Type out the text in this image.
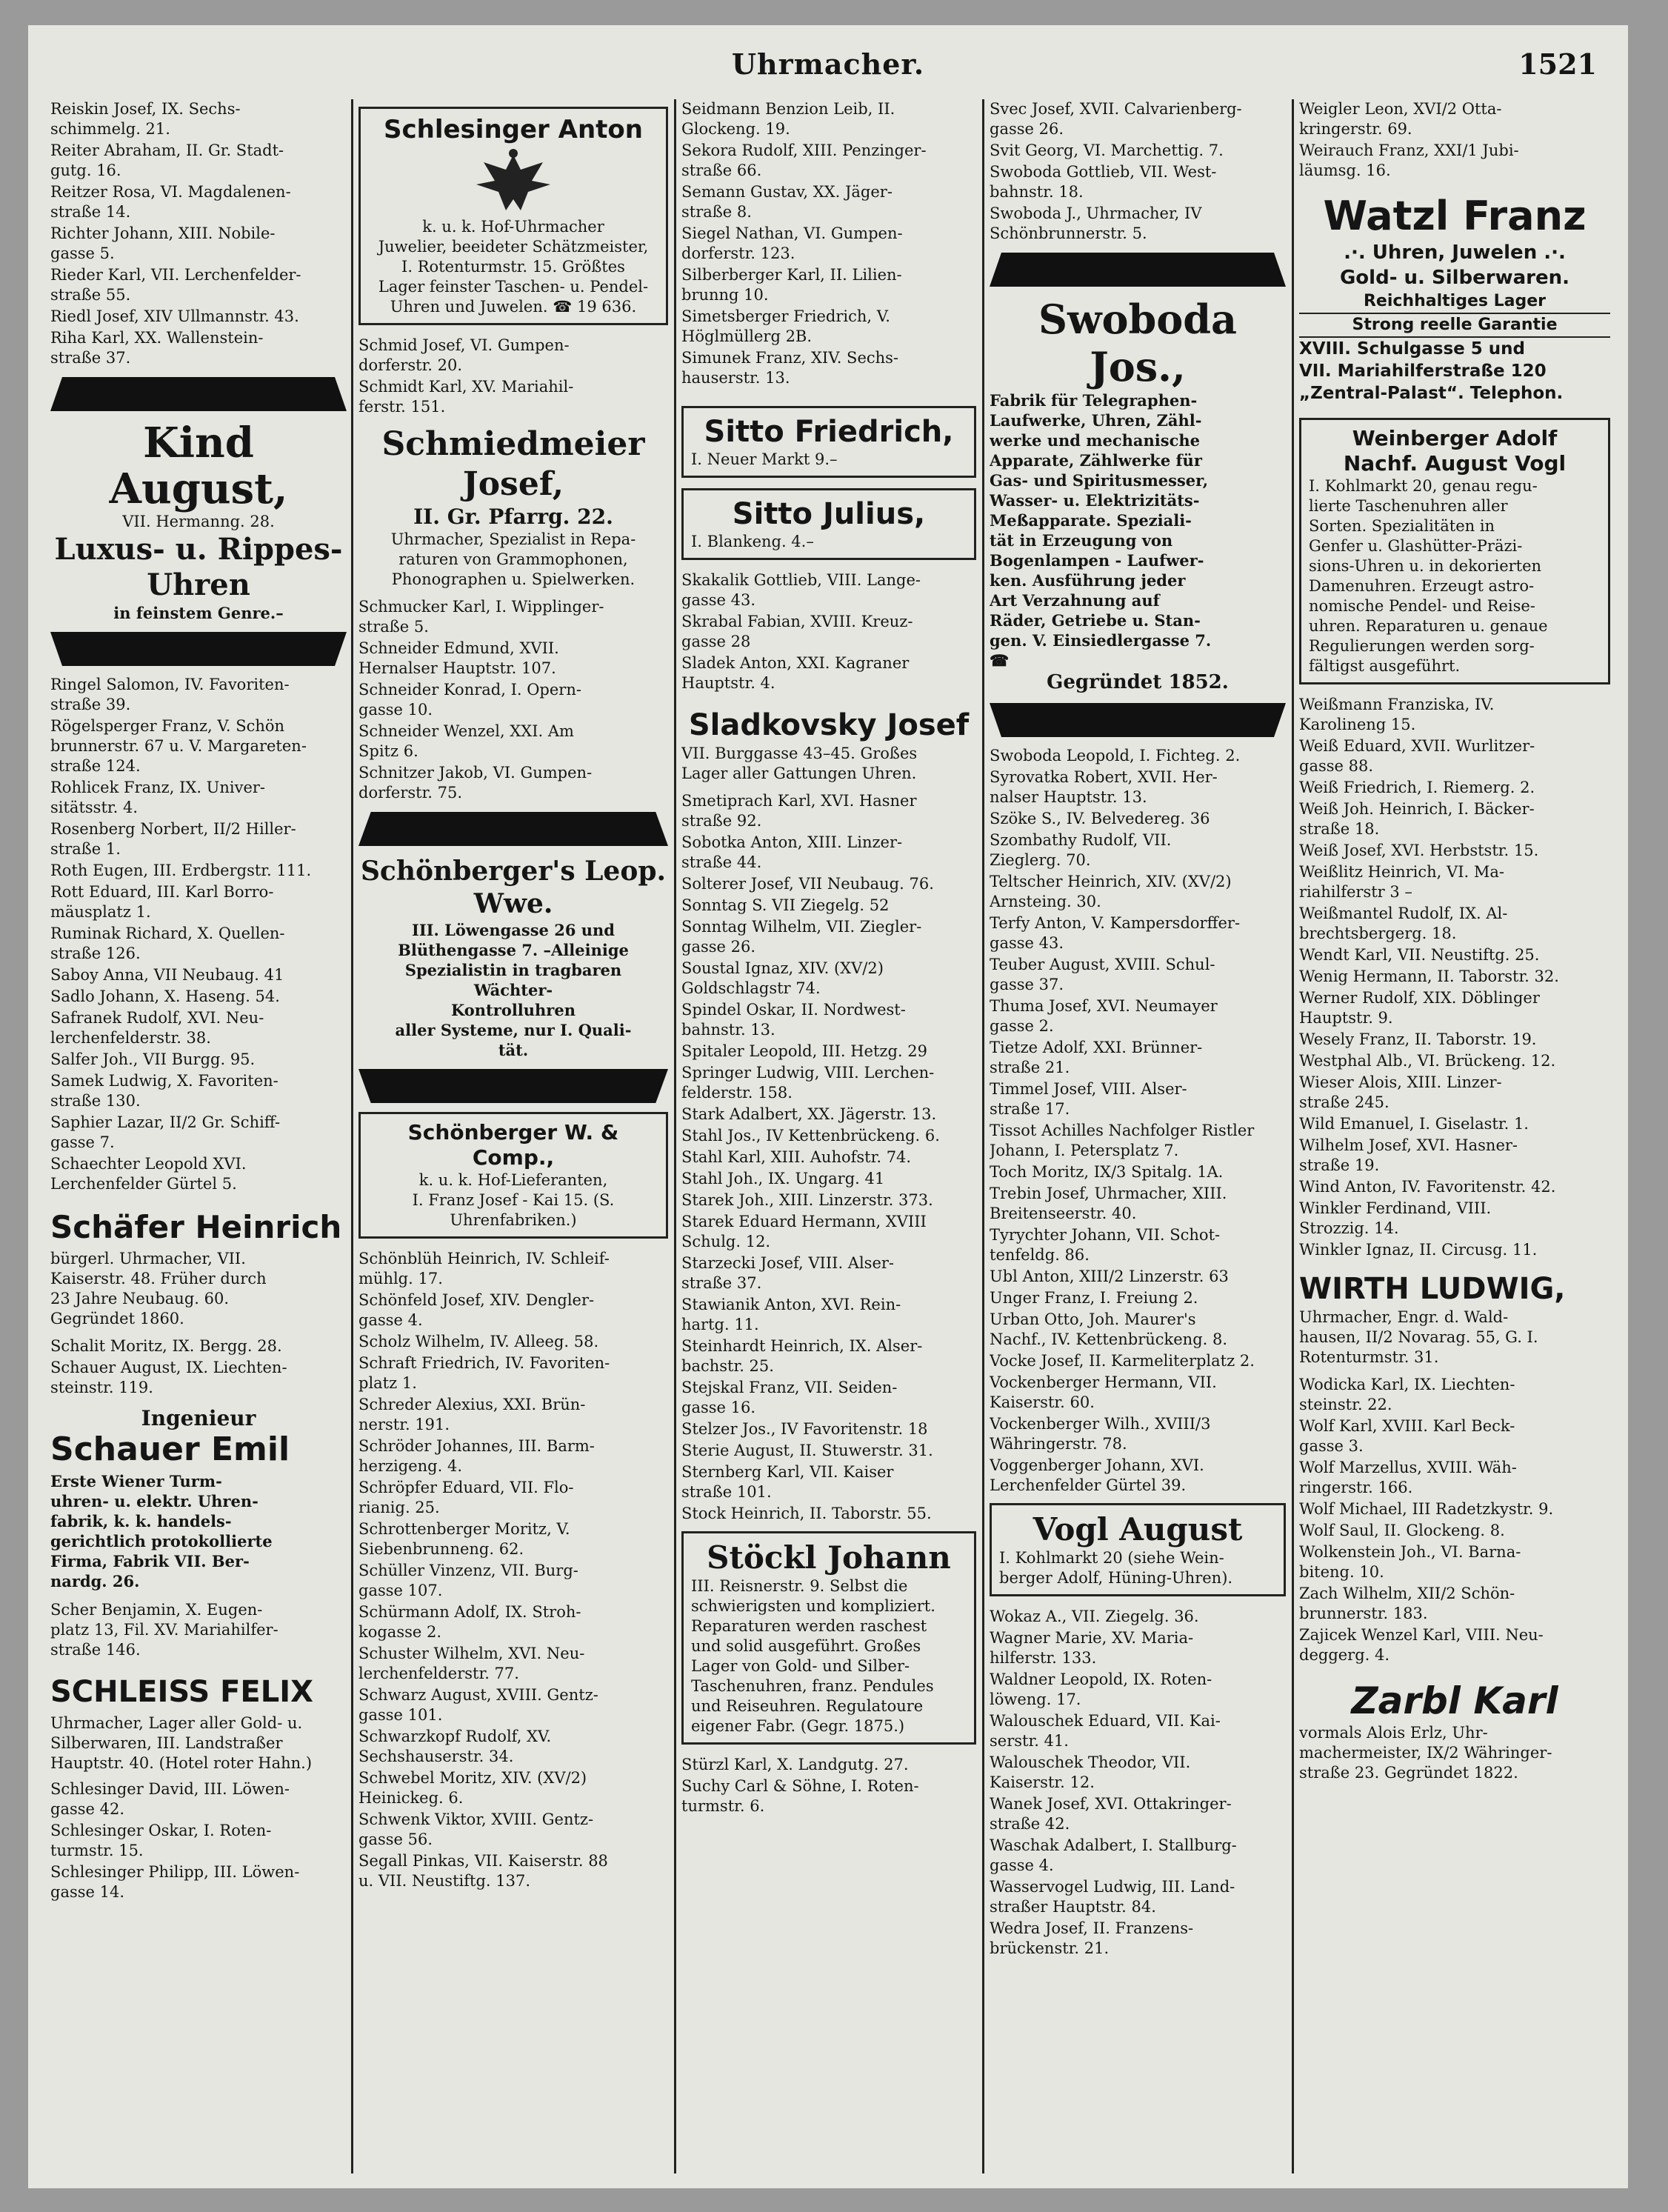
Uhrmacher.	1521
Reiskin Josef, IX. Sechs-
schimmelg. 21.
Reiter Abraham, II. Gr. Stadt-
gutg. 16.
Reitzer Rosa, VI. Magdalenen-
straße 14.
Richter Johann, XIII. Nobile-
gasse 5.
Rieder Karl, VII. Lerchenfelder-
straße 55.
Riedl Josef, XIV Ullmannstr. 43.
Riha Karl, XX. Wallenstein-
straße 37.
Kind August,
VII. Hermanng. 28.
Luxus- u. Rippes-
Uhren
in feinstem Genre.–
Ringel Salomon, IV. Favoriten-
straße 39.
Rögelsperger Franz, V. Schön
brunnerstr. 67 u. V. Margareten-
straße 124.
Rohlicek Franz, IX. Univer-
sitätsstr. 4.
Rosenberg Norbert, II/2 Hiller-
straße 1.
Roth Eugen, III. Erdbergstr. 111.
Rott Eduard, III. Karl Borro-
mäusplatz 1.
Ruminak Richard, X. Quellen-
straße 126.
Saboy Anna, VII Neubaug. 41
Sadlo Johann, X. Haseng. 54.
Safranek Rudolf, XVI. Neu-
lerchenfelderstr. 38.
Salfer Joh., VII Burgg. 95.
Samek Ludwig, X. Favoriten-
straße 130.
Saphier Lazar, II/2 Gr. Schiff-
gasse 7.
Schaechter Leopold XVI.
Lerchenfelder Gürtel 5.
Schäfer Heinrich
bürgerl. Uhrmacher, VII.
Kaiserstr. 48. Früher durch
23 Jahre Neubaug. 60.
Gegründet 1860.
Schalit Moritz, IX. Bergg. 28.
Schauer August, IX. Liechten-
steinstr. 119.
Ingenieur
Schauer Emil
Erste Wiener Turm-
uhren- u. elektr. Uhren-
fabrik, k. k. handels-
gerichtlich protokollierte
Firma, Fabrik VII. Ber-
nardg. 26.
Scher Benjamin, X. Eugen-
platz 13, Fil. XV. Mariahilfer-
straße 146.
SCHLEISS FELIX
Uhrmacher, Lager aller Gold- u.
Silberwaren, III. Landstraßer
Hauptstr. 40. (Hotel roter Hahn.)
Schlesinger David, III. Löwen-
gasse 42.
Schlesinger Oskar, I. Roten-
turmstr. 15.
Schlesinger Philipp, III. Löwen-
gasse 14.
Schlesinger Anton
k. u. k. Hof-Uhrmacher
Juwelier, beeideter Schätzmeister,
I. Rotenturmstr. 15. Größtes
Lager feinster Taschen- u. Pendel-
Uhren und Juwelen. ☎ 19 636.
Schmid Josef, VI. Gumpen-
dorferstr. 20.
Schmidt Karl, XV. Mariahil-
ferstr. 151.
Schmiedmeier Josef,
II. Gr. Pfarrg. 22.
Uhrmacher, Spezialist in Repa-
raturen von Grammophonen,
Phonographen u. Spielwerken.
Schmucker Karl, I. Wipplinger-
straße 5.
Schneider Edmund, XVII.
Hernalser Hauptstr. 107.
Schneider Konrad, I. Opern-
gasse 10.
Schneider Wenzel, XXI. Am
Spitz 6.
Schnitzer Jakob, VI. Gumpen-
dorferstr. 75.
Schönberger's Leop. Wwe.
III. Löwengasse 26 und
Blüthengasse 7. –Alleinige
Spezialistin in tragbaren
Wächter-
Kontrolluhren
aller Systeme, nur I. Quali-
tät.
Schönberger W. & Comp.,
k. u. k. Hof-Lieferanten,
I. Franz Josef - Kai 15. (S.
Uhrenfabriken.)
Schönblüh Heinrich, IV. Schleif-
mühlg. 17.
Schönfeld Josef, XIV. Dengler-
gasse 4.
Scholz Wilhelm, IV. Alleeg. 58.
Schraft Friedrich, IV. Favoriten-
platz 1.
Schreder Alexius, XXI. Brün-
nerstr. 191.
Schröder Johannes, III. Barm-
herzigeng. 4.
Schröpfer Eduard, VII. Flo-
rianig. 25.
Schrottenberger Moritz, V.
Siebenbrunneng. 62.
Schüller Vinzenz, VII. Burg-
gasse 107.
Schürmann Adolf, IX. Stroh-
kogasse 2.
Schuster Wilhelm, XVI. Neu-
lerchenfelderstr. 77.
Schwarz August, XVIII. Gentz-
gasse 101.
Schwarzkopf Rudolf, XV.
Sechshauserstr. 34.
Schwebel Moritz, XIV. (XV/2)
Heinickeg. 6.
Schwenk Viktor, XVIII. Gentz-
gasse 56.
Segall Pinkas, VII. Kaiserstr. 88
u. VII. Neustiftg. 137.
Seidmann Benzion Leib, II.
Glockeng. 19.
Sekora Rudolf, XIII. Penzinger-
straße 66.
Semann Gustav, XX. Jäger-
straße 8.
Siegel Nathan, VI. Gumpen-
dorferstr. 123.
Silberberger Karl, II. Lilien-
brunng 10.
Simetsberger Friedrich, V.
Höglmüllerg 2B.
Simunek Franz, XIV. Sechs-
hauserstr. 13.
Sitto Friedrich,
I. Neuer Markt 9.–
Sitto Julius,
I. Blankeng. 4.–
Skakalik Gottlieb, VIII. Lange-
gasse 43.
Skrabal Fabian, XVIII. Kreuz-
gasse 28
Sladek Anton, XXI. Kagraner
Hauptstr. 4.
Sladkovsky Josef
VII. Burggasse 43–45. Großes
Lager aller Gattungen Uhren.
Smetiprach Karl, XVI. Hasner
straße 92.
Sobotka Anton, XIII. Linzer-
straße 44.
Solterer Josef, VII Neubaug. 76.
Sonntag S. VII Ziegelg. 52
Sonntag Wilhelm, VII. Ziegler-
gasse 26.
Soustal Ignaz, XIV. (XV/2)
Goldschlagstr 74.
Spindel Oskar, II. Nordwest-
bahnstr. 13.
Spitaler Leopold, III. Hetzg. 29
Springer Ludwig, VIII. Lerchen-
felderstr. 158.
Stark Adalbert, XX. Jägerstr. 13.
Stahl Jos., IV Kettenbrückeng. 6.
Stahl Karl, XIII. Auhofstr. 74.
Stahl Joh., IX. Ungarg. 41
Starek Joh., XIII. Linzerstr. 373.
Starek Eduard Hermann, XVIII
Schulg. 12.
Starzecki Josef, VIII. Alser-
straße 37.
Stawianik Anton, XVI. Rein-
hartg. 11.
Steinhardt Heinrich, IX. Alser-
bachstr. 25.
Stejskal Franz, VII. Seiden-
gasse 16.
Stelzer Jos., IV Favoritenstr. 18
Sterie August, II. Stuwerstr. 31.
Sternberg Karl, VII. Kaiser
straße 101.
Stock Heinrich, II. Taborstr. 55.
Stöckl Johann
III. Reisnerstr. 9. Selbst die
schwierigsten und kompliziert.
Reparaturen werden raschest
und solid ausgeführt. Großes
Lager von Gold- und Silber-
Taschenuhren, franz. Pendules
und Reiseuhren. Regulatoure
eigener Fabr. (Gegr. 1875.)
Stürzl Karl, X. Landgutg. 27.
Suchy Carl & Söhne, I. Roten-
turmstr. 6.
Svec Josef, XVII. Calvarienberg-
gasse 26.
Svit Georg, VI. Marchettig. 7.
Swoboda Gottlieb, VII. West-
bahnstr. 18.
Swoboda J., Uhrmacher, IV
Schönbrunnerstr. 5.
Swoboda Jos.,
Fabrik für Telegraphen-
Laufwerke, Uhren, Zähl-
werke und mechanische
Apparate, Zählwerke für
Gas- und Spiritusmesser,
Wasser- u. Elektrizitäts-
Meßapparate. Speziali-
tät in Erzeugung von
Bogenlampen - Laufwer-
ken. Ausführung jeder
Art Verzahnung auf
Räder, Getriebe u. Stan-
gen. V. Einsiedlergasse 7.
☎
Gegründet 1852.
Swoboda Leopold, I. Fichteg. 2.
Syrovatka Robert, XVII. Her-
nalser Hauptstr. 13.
Szöke S., IV. Belvedereg. 36
Szombathy Rudolf, VII.
Zieglerg. 70.
Teltscher Heinrich, XIV. (XV/2)
Arnsteing. 30.
Terfy Anton, V. Kampersdorffer-
gasse 43.
Teuber August, XVIII. Schul-
gasse 37.
Thuma Josef, XVI. Neumayer
gasse 2.
Tietze Adolf, XXI. Brünner-
straße 21.
Timmel Josef, VIII. Alser-
straße 17.
Tissot Achilles Nachfolger Ristler
Johann, I. Petersplatz 7.
Toch Moritz, IX/3 Spitalg. 1A.
Trebin Josef, Uhrmacher, XIII.
Breitenseerstr. 40.
Tyrychter Johann, VII. Schot-
tenfeldg. 86.
Ubl Anton, XIII/2 Linzerstr. 63
Unger Franz, I. Freiung 2.
Urban Otto, Joh. Maurer's
Nachf., IV. Kettenbrückeng. 8.
Vocke Josef, II. Karmeliterplatz 2.
Vockenberger Hermann, VII.
Kaiserstr. 60.
Vockenberger Wilh., XVIII/3
Währingerstr. 78.
Voggenberger Johann, XVI.
Lerchenfelder Gürtel 39.
Vogl August
I. Kohlmarkt 20 (siehe Wein-
berger Adolf, Hüning-Uhren).
Wokaz A., VII. Ziegelg. 36.
Wagner Marie, XV. Maria-
hilferstr. 133.
Waldner Leopold, IX. Roten-
löweng. 17.
Walouschek Eduard, VII. Kai-
serstr. 41.
Walouschek Theodor, VII.
Kaiserstr. 12.
Wanek Josef, XVI. Ottakringer-
straße 42.
Waschak Adalbert, I. Stallburg-
gasse 4.
Wasservogel Ludwig, III. Land-
straßer Hauptstr. 84.
Wedra Josef, II. Franzens-
brückenstr. 21.
Weigler Leon, XVI/2 Otta-
kringerstr. 69.
Weirauch Franz, XXI/1 Jubi-
läumsg. 16.
Watzl Franz
.·. Uhren, Juwelen .·.
Gold- u. Silberwaren.
Reichhaltiges Lager
Strong reelle Garantie
XVIII. Schulgasse 5 und
VII. Mariahilferstraße 120
„Zentral-Palast“. Telephon.
Weinberger Adolf
Nachf. August Vogl
I. Kohlmarkt 20, genau regu-
lierte Taschenuhren aller
Sorten. Spezialitäten in
Genfer u. Glashütter-Präzi-
sions-Uhren u. in dekorierten
Damenuhren. Erzeugt astro-
nomische Pendel- und Reise-
uhren. Reparaturen u. genaue
Regulierungen werden sorg-
fältigst ausgeführt.
Weißmann Franziska, IV.
Karolineng 15.
Weiß Eduard, XVII. Wurlitzer-
gasse 88.
Weiß Friedrich, I. Riemerg. 2.
Weiß Joh. Heinrich, I. Bäcker-
straße 18.
Weiß Josef, XVI. Herbststr. 15.
Weißlitz Heinrich, VI. Ma-
riahilferstr 3 –
Weißmantel Rudolf, IX. Al-
brechtsbergerg. 18.
Wendt Karl, VII. Neustiftg. 25.
Wenig Hermann, II. Taborstr. 32.
Werner Rudolf, XIX. Döblinger
Hauptstr. 9.
Wesely Franz, II. Taborstr. 19.
Westphal Alb., VI. Brückeng. 12.
Wieser Alois, XIII. Linzer-
straße 245.
Wild Emanuel, I. Giselastr. 1.
Wilhelm Josef, XVI. Hasner-
straße 19.
Wind Anton, IV. Favoritenstr. 42.
Winkler Ferdinand, VIII.
Strozzig. 14.
Winkler Ignaz, II. Circusg. 11.
WIRTH LUDWIG,
Uhrmacher, Engr. d. Wald-
hausen, II/2 Novarag. 55, G. I.
Rotenturmstr. 31.
Wodicka Karl, IX. Liechten-
steinstr. 22.
Wolf Karl, XVIII. Karl Beck-
gasse 3.
Wolf Marzellus, XVIII. Wäh-
ringerstr. 166.
Wolf Michael, III Radetzkystr. 9.
Wolf Saul, II. Glockeng. 8.
Wolkenstein Joh., VI. Barna-
biteng. 10.
Zach Wilhelm, XII/2 Schön-
brunnerstr. 183.
Zajicek Wenzel Karl, VIII. Neu-
deggerg. 4.
Zarbl Karl
vormals Alois Erlz, Uhr-
machermeister, IX/2 Währinger-
straße 23. Gegründet 1822.
